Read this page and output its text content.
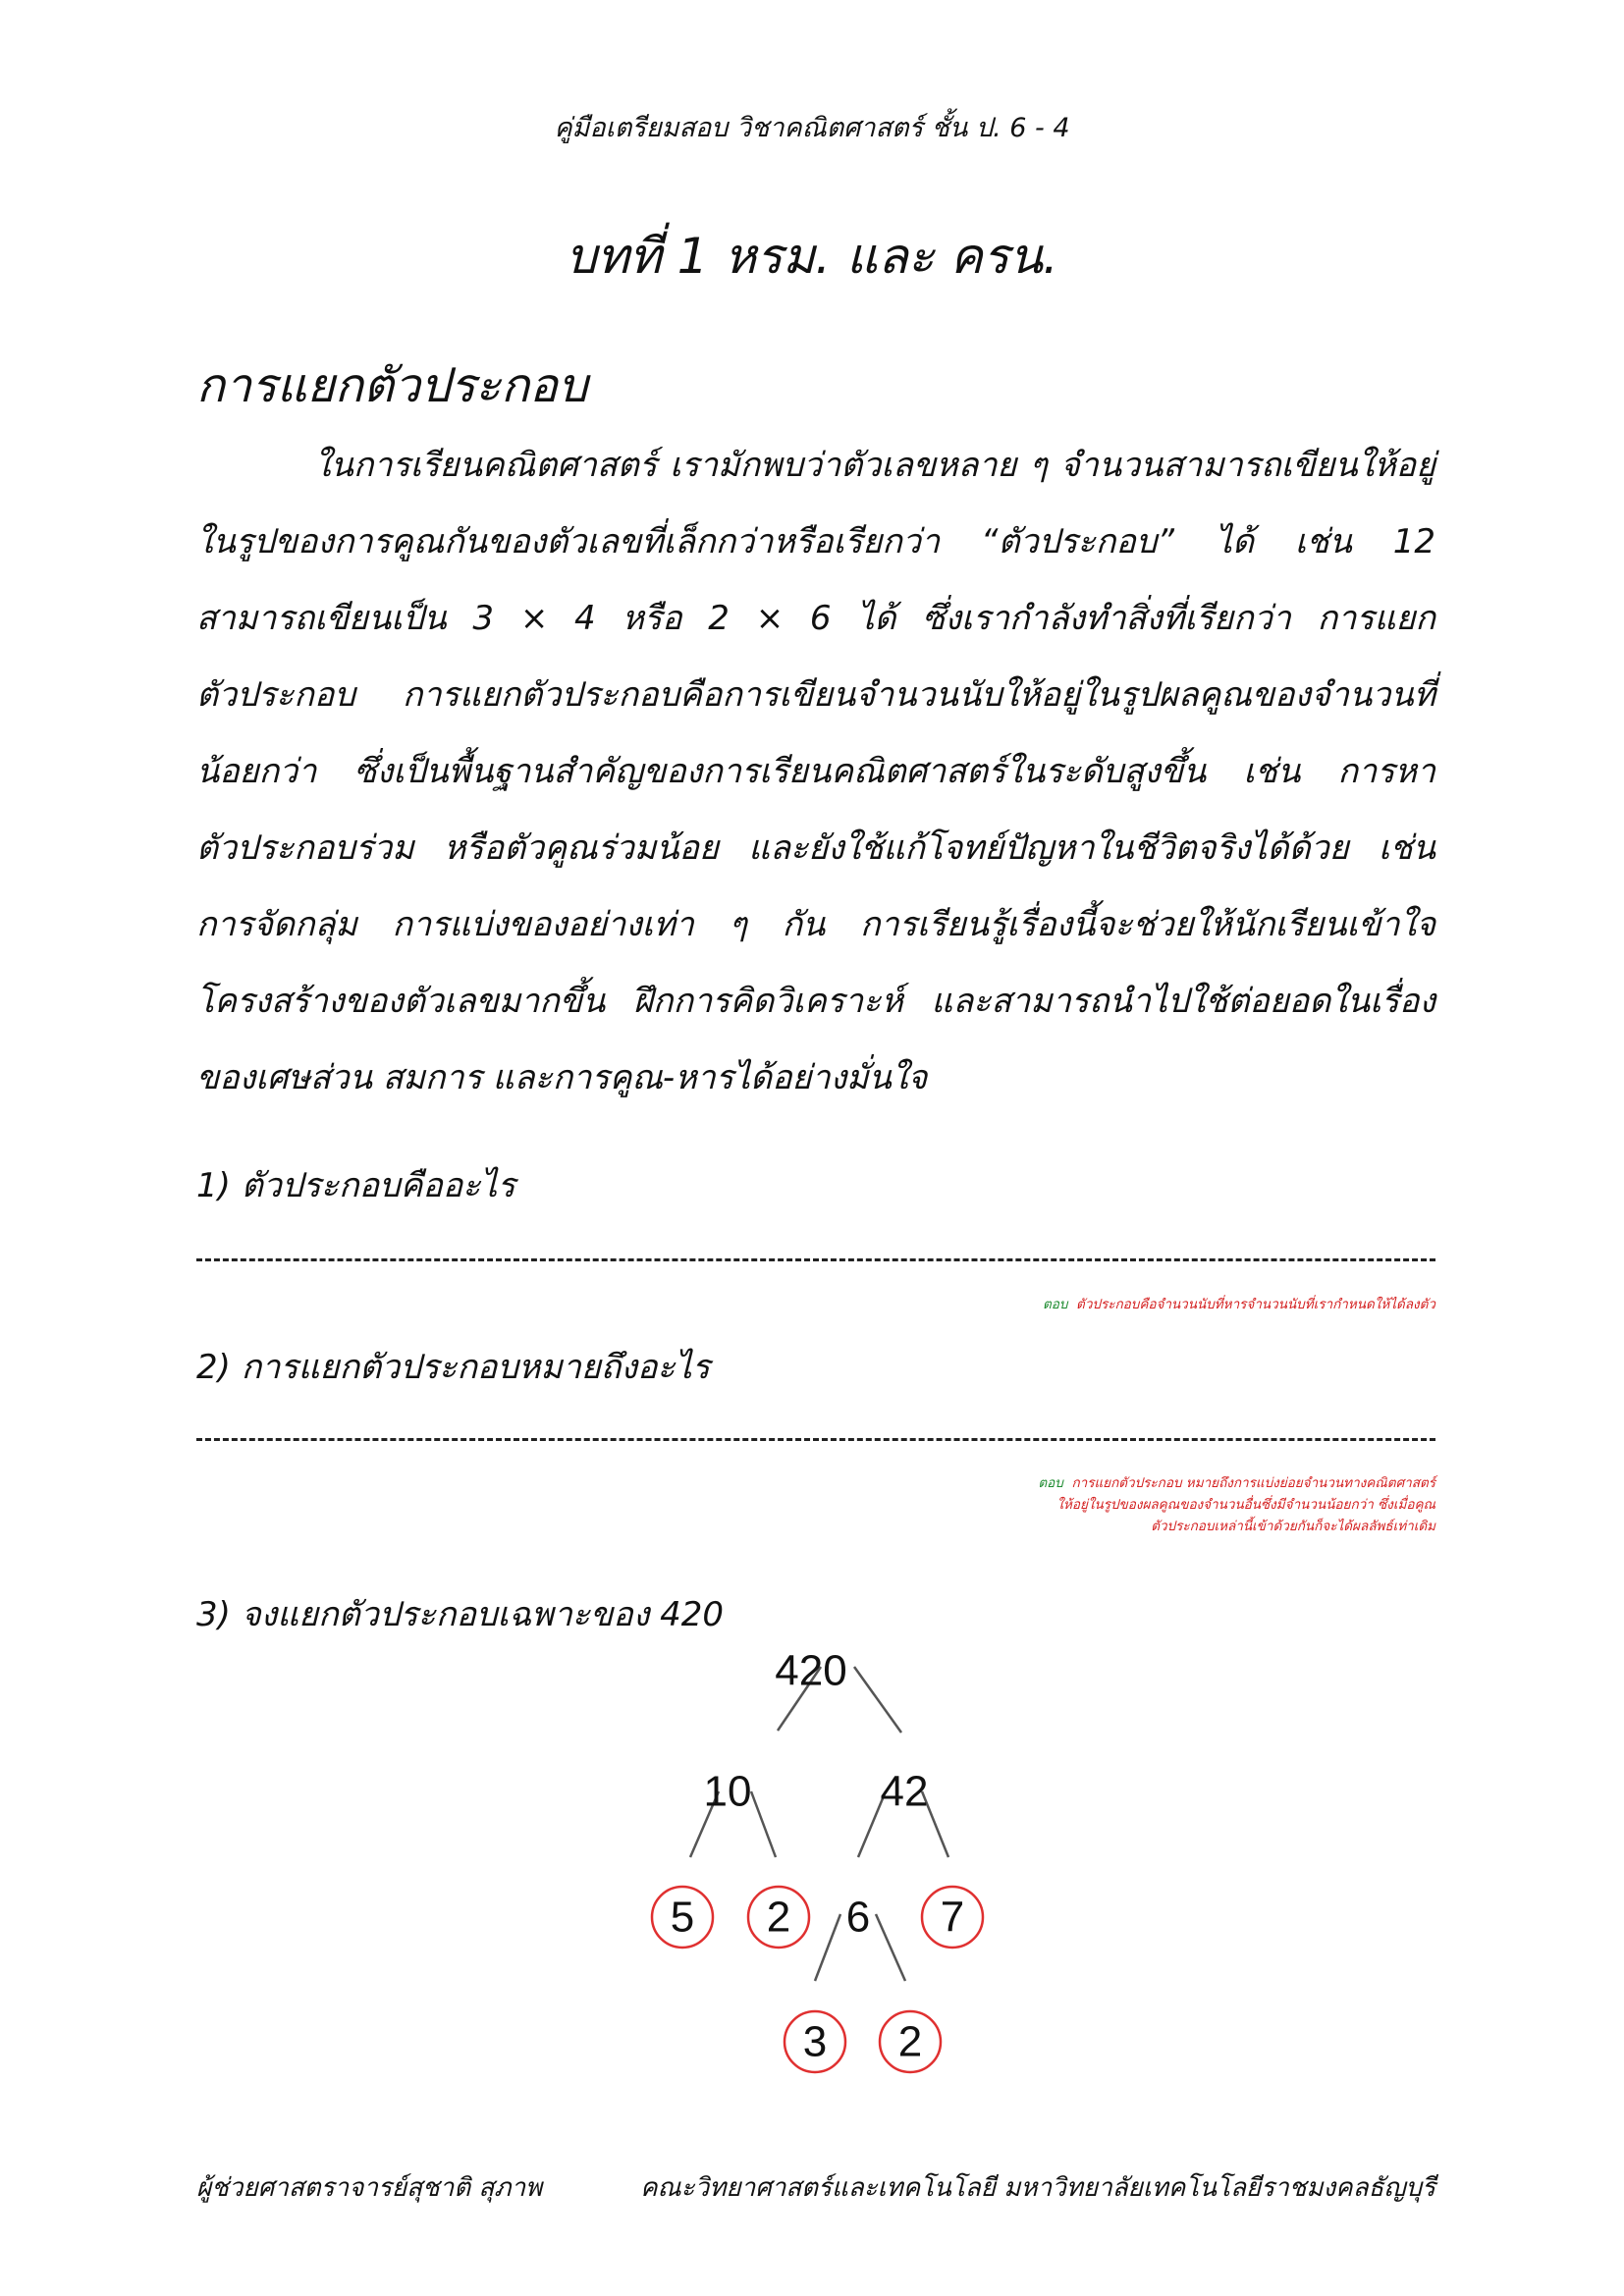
คู่มือเตรียมสอบ วิชาคณิตศาสตร์ ชั้น ป. 6 - 4
บทที่ 1 หรม. และ ครน.
การแยกตัวประกอบ
ในการเรียนคณิตศาสตร์ เรามักพบว่าตัวเลขหลาย ๆ จำนวนสามารถเขียนให้อยู่ในรูปของการคูณกันของตัวเลขที่เล็กกว่าหรือเรียกว่า “ตัวประกอบ” ได้ เช่น 12 สามารถเขียนเป็น 3 × 4 หรือ 2 × 6 ได้ ซึ่งเรากำลังทำสิ่งที่เรียกว่า การแยกตัวประกอบ การแยกตัวประกอบคือการเขียนจำนวนนับให้อยู่ในรูปผลคูณของจำนวนที่น้อยกว่า ซึ่งเป็นพื้นฐานสำคัญของการเรียนคณิตศาสตร์ในระดับสูงขึ้น เช่น การหาตัวประกอบร่วม หรือตัวคูณร่วมน้อย และยังใช้แก้โจทย์ปัญหาในชีวิตจริงได้ด้วย เช่น การจัดกลุ่ม การแบ่งของอย่างเท่า ๆ กัน การเรียนรู้เรื่องนี้จะช่วยให้นักเรียนเข้าใจโครงสร้างของตัวเลขมากขึ้น ฝึกการคิดวิเคราะห์ และสามารถนำไปใช้ต่อยอดในเรื่องของเศษส่วน สมการ และการคูณ-หารได้อย่างมั่นใจ
1) ตัวประกอบคืออะไร
ตอบ ตัวประกอบคือจำนวนนับที่หารจำนวนนับที่เรากำหนดให้ได้ลงตัว
2) การแยกตัวประกอบหมายถึงอะไร
ตอบ การแยกตัวประกอบ หมายถึงการแบ่งย่อยจำนวนทางคณิตศาสตร์
ให้อยู่ในรูปของผลคูณของจำนวนอื่นซึ่งมีจำนวนน้อยกว่า ซึ่งเมื่อคูณ
ตัวประกอบเหล่านี้เข้าด้วยกันก็จะได้ผลลัพธ์เท่าเดิม
3) จงแยกตัวประกอบเฉพาะของ 420
420
10	42
5 2 6 7
3 2
ผู้ช่วยศาสตราจารย์สุชาติ สุภาพ	คณะวิทยาศาสตร์และเทคโนโลยี มหาวิทยาลัยเทคโนโลยีราชมงคลธัญบุรี
